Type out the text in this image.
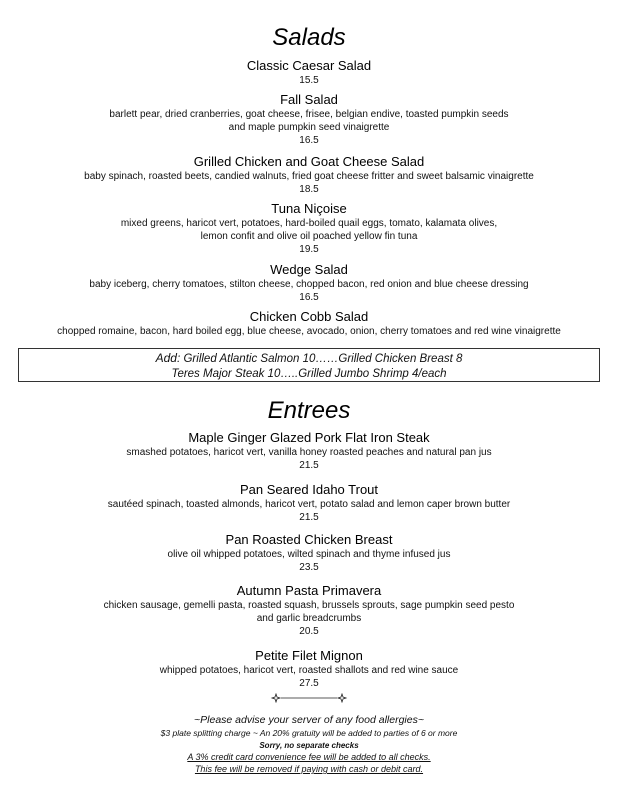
Salads
Classic Caesar Salad
15.5
Fall Salad
barlett pear, dried cranberries, goat cheese, frisee, belgian endive, toasted pumpkin seeds
and maple pumpkin seed vinaigrette
16.5
Grilled Chicken and Goat Cheese Salad
baby spinach, roasted beets, candied walnuts, fried goat cheese fritter and sweet balsamic vinaigrette
18.5
Tuna Niçoise
mixed greens, haricot vert, potatoes, hard-boiled quail eggs, tomato, kalamata olives,
lemon confit and olive oil poached yellow fin tuna
19.5
Wedge Salad
baby iceberg, cherry tomatoes, stilton cheese, chopped bacon, red onion and blue cheese dressing
16.5
Chicken Cobb Salad
chopped romaine, bacon, hard boiled egg, blue cheese, avocado, onion, cherry tomatoes and red wine vinaigrette
Add: Grilled Atlantic Salmon 10……Grilled Chicken Breast 8
Teres Major Steak 10…..Grilled Jumbo Shrimp 4/each
Entrees
Maple Ginger Glazed Pork Flat Iron Steak
smashed potatoes, haricot vert, vanilla honey roasted peaches and natural pan jus
21.5
Pan Seared Idaho Trout
sautéed spinach, toasted almonds, haricot vert, potato salad and lemon caper brown butter
21.5
Pan Roasted Chicken Breast
olive oil whipped potatoes, wilted spinach and thyme infused jus
23.5
Autumn Pasta Primavera
chicken sausage, gemelli pasta, roasted squash, brussels sprouts, sage pumpkin seed pesto
and garlic breadcrumbs
20.5
Petite Filet Mignon
whipped potatoes, haricot vert, roasted shallots and red wine sauce
27.5
~Please advise your server of any food allergies~
$3 plate splitting charge ~ An 20% gratuity will be added to parties of 6 or more
Sorry, no separate checks
A 3% credit card convenience fee will be added to all checks.
This fee will be removed if paying with cash or debit card.
